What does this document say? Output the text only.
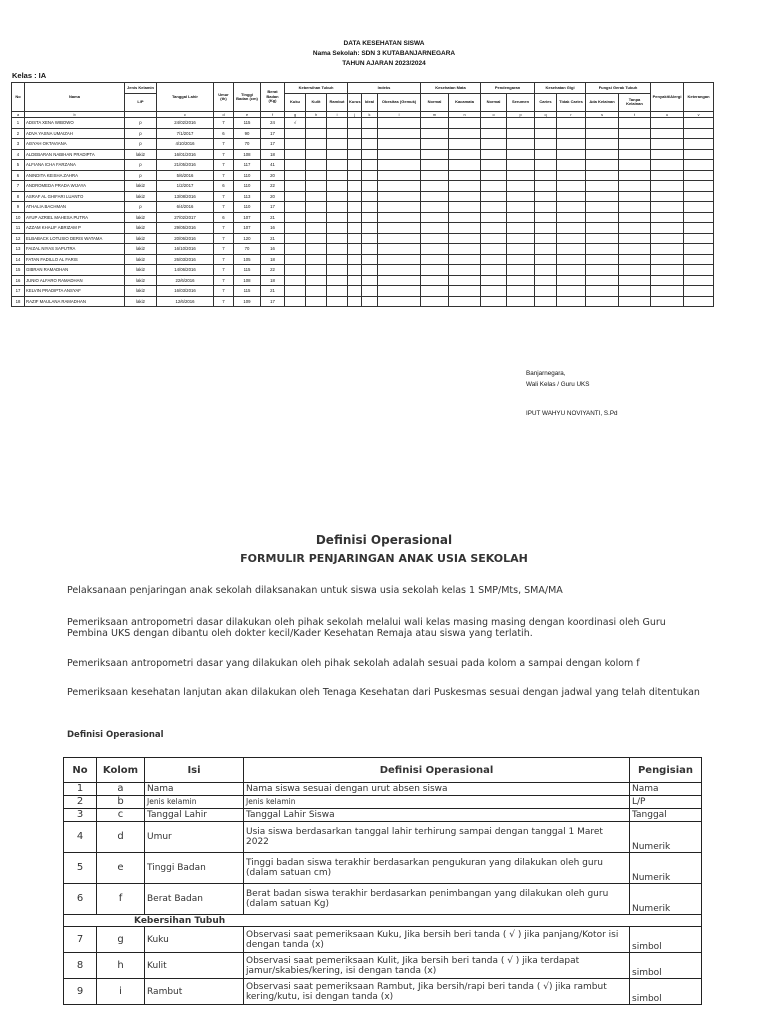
DATA KESEHATAN SISWA
Nama Sekolah: SDN 3 KUTABANJARNEGARA
TAHUN AJARAN 2023/2024
Kelas : IA
No	Nama	Jenis Kelamin	Tanggal Lahir	Umur (th)	Tinggi Badan (cm)	Berat Badan (Kg)	Kebersihan Tubuh			Indeks			Kesehatan Mata		Pendengaran		Kesehatan Gigi		Fungsi Gerak Tubuh		Penyakit/Alergi	Keterangan
		L/P					Kuku	Kulit	Rambut	Kurus	Ideal	Obesitas (Gemuk)	Normal	Kacamata	Normal	Serumen	Caries	Tidak Caries	Ada Kelainan	Tanpa Kelainan		
a	b		c	d	e	f	g	h	i	j	k	l	m	n	o	p	q	r	s	t	u	v
1	ADISTA XENA WIBOWO	p	24/02/2016	7	115	24	√															
2	ADVA YASNA UMAIZAH	p	7/1/2017	6	90	17																
3	AISYAH OKTAVIANA	p	4/10/2016	7	70	17																
4	ALDEBARAN NABIHAN PRADIPTA	laki2	16/01/2016	7	108	18																
5	ALFIANA ICHA FARZANA	p	21/05/2016	7	117	41																
6	ANINDITA KEISHA ZAHRA	p	5/6/2016	7	110	20																
7	ANDROMEDA PRADA WIJAYA	laki2	1/2/2017	6	110	22																
8	ASRAF AL GHIFARI LUANTO	laki2	13/08/2016	7	113	20																
9	ATHALIA BACHMAN	p	6/4/2016	7	110	17																
10	AYUP AZRIEL MAHESA PUTRA	laki2	27/02/2017	6	107	21																
11	AZZAM KHALIF ABRIZAM P	laki2	29/05/2016	7	107	16																
12	ELBABACK LOTUSIO DERIS WATAMA	laki2	20/06/2016	7	120	21																
13	FAIZAL NIYAS SAPUTRA	laki2	16/10/2016	7	70	16																
14	FATAN FADILLO AL FARIS	laki2	26/03/2016	7	105	18																
15	GIBRAN RAMADHAN	laki2	14/06/2016	7	115	22																
16	JUNIO ALFARO RAMADHAN	laki2	22/6/2016	7	108	18																
17	KELVIN PRADIPTA ANSYAF	laki2	16/03/2016	7	115	21																
18	RAZIF MAULANA RAMADHAN	laki2	12/6/2016	7	109	17																
Banjarnegara,
Wali Kelas / Guru UKS
IPUT WAHYU NOVIYANTI, S.Pd
Definisi Operasional
FORMULIR PENJARINGAN ANAK USIA SEKOLAH
Pelaksanaan penjaringan anak sekolah dilaksanakan untuk siswa usia sekolah kelas 1 SMP/Mts, SMA/MA
Pemeriksaan antropometri dasar dilakukan oleh pihak sekolah melalui wali kelas masing masing dengan koordinasi oleh Guru Pembina UKS dengan dibantu oleh dokter kecil/Kader Kesehatan Remaja atau siswa yang terlatih.
Pemeriksaan antropometri dasar yang dilakukan oleh pihak sekolah adalah sesuai pada kolom a sampai dengan kolom f
Pemeriksaan kesehatan lanjutan akan dilakukan oleh Tenaga Kesehatan dari Puskesmas sesuai dengan jadwal yang telah ditentukan
Definisi Operasional
No	Kolom	Isi	Definisi Operasional	Pengisian
1	a	Nama	Nama siswa sesuai dengan urut absen siswa	Nama
2	b	Jenis kelamin	Jenis kelamin	L/P
3	c	Tanggal Lahir	Tanggal Lahir Siswa	Tanggal
4	d	Umur	Usia siswa berdasarkan tanggal lahir terhirung sampai dengan tanggal 1 Maret 2022	Numerik
5	e	Tinggi Badan	Tinggi badan siswa terakhir berdasarkan pengukuran yang dilakukan oleh guru (dalam satuan cm)	Numerik
6	f	Berat Badan	Berat badan siswa terakhir berdasarkan penimbangan yang dilakukan oleh guru (dalam satuan Kg)	Numerik
Kebersihan Tubuh				
7	g	Kuku	Observasi saat pemeriksaan Kuku, Jika bersih beri tanda ( √ ) jika panjang/Kotor isi dengan tanda (x)	simbol
8	h	Kulit	Observasi saat pemeriksaan Kulit, Jika bersih beri tanda ( √ ) jika terdapat jamur/skabies/kering, isi dengan tanda (x)	simbol
9	i	Rambut	Observasi saat pemeriksaan Rambut, Jika bersih/rapi beri tanda ( √) jika rambut kering/kutu, isi dengan tanda (x)	simbol
